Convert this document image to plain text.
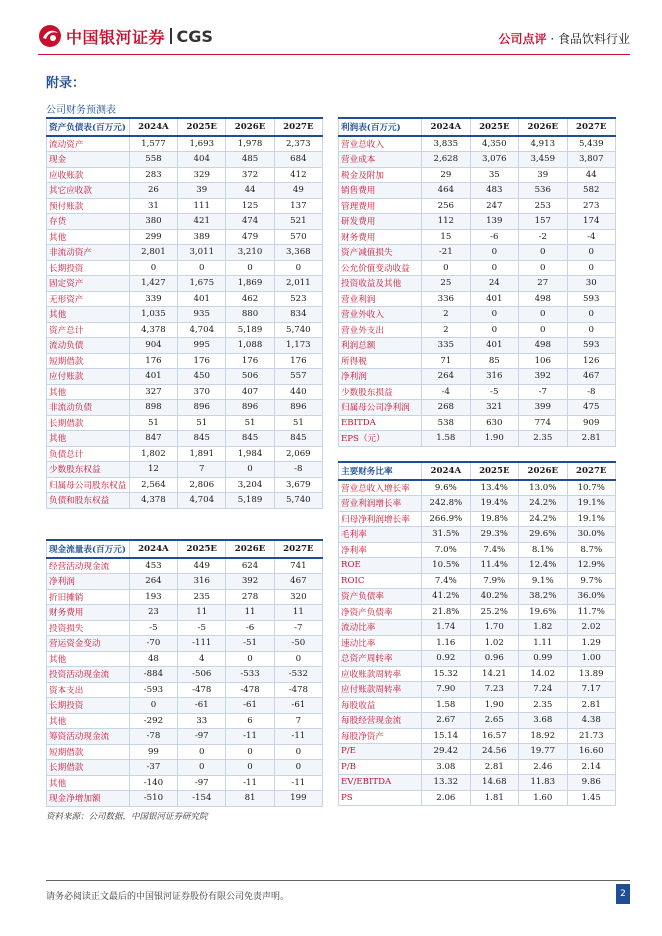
中国银河证券 CGS	公司点评 · 食品饮料行业
附录：
公司财务预测表
资产负债表(百万元)	2024A	2025E	2026E	2027E
流动资产	1,577	1,693	1,978	2,373
现金	558	404	485	684
应收账款	283	329	372	412
其它应收款	26	39	44	49
预付账款	31	111	125	137
存货	380	421	474	521
其他	299	389	479	570
非流动资产	2,801	3,011	3,210	3,368
长期投资	0	0	0	0
固定资产	1,427	1,675	1,869	2,011
无形资产	339	401	462	523
其他	1,035	935	880	834
资产总计	4,378	4,704	5,189	5,740
流动负债	904	995	1,088	1,173
短期借款	176	176	176	176
应付账款	401	450	506	557
其他	327	370	407	440
非流动负债	898	896	896	896
长期借款	51	51	51	51
其他	847	845	845	845
负债总计	1,802	1,891	1,984	2,069
少数股东权益	12	7	0	-8
归属母公司股东权益	2,564	2,806	3,204	3,679
负债和股东权益	4,378	4,704	5,189	5,740
现金流量表(百万元)	2024A	2025E	2026E	2027E
经营活动现金流	453	449	624	741
净利润	264	316	392	467
折旧摊销	193	235	278	320
财务费用	23	11	11	11
投资损失	-5	-5	-6	-7
营运资金变动	-70	-111	-51	-50
其他	48	4	0	0
投资活动现金流	-884	-506	-533	-532
资本支出	-593	-478	-478	-478
长期投资	0	-61	-61	-61
其他	-292	33	6	7
筹资活动现金流	-78	-97	-11	-11
短期借款	99	0	0	0
长期借款	-37	0	0	0
其他	-140	-97	-11	-11
现金净增加额	-510	-154	81	199
利润表(百万元)	2024A	2025E	2026E	2027E
营业总收入	3,835	4,350	4,913	5,439
营业成本	2,628	3,076	3,459	3,807
税金及附加	29	35	39	44
销售费用	464	483	536	582
管理费用	256	247	253	273
研发费用	112	139	157	174
财务费用	15	-6	-2	-4
资产减值损失	-21	0	0	0
公允价值变动收益	0	0	0	0
投资收益及其他	25	24	27	30
营业利润	336	401	498	593
营业外收入	2	0	0	0
营业外支出	2	0	0	0
利润总额	335	401	498	593
所得税	71	85	106	126
净利润	264	316	392	467
少数股东损益	-4	-5	-7	-8
归属母公司净利润	268	321	399	475
EBITDA	538	630	774	909
EPS（元）	1.58	1.90	2.35	2.81
主要财务比率	2024A	2025E	2026E	2027E
营业总收入增长率	9.6%	13.4%	13.0%	10.7%
营业利润增长率	242.8%	19.4%	24.2%	19.1%
归母净利润增长率	266.9%	19.8%	24.2%	19.1%
毛利率	31.5%	29.3%	29.6%	30.0%
净利率	7.0%	7.4%	8.1%	8.7%
ROE	10.5%	11.4%	12.4%	12.9%
ROIC	7.4%	7.9%	9.1%	9.7%
资产负债率	41.2%	40.2%	38.2%	36.0%
净资产负债率	21.8%	25.2%	19.6%	11.7%
流动比率	1.74	1.70	1.82	2.02
速动比率	1.16	1.02	1.11	1.29
总资产周转率	0.92	0.96	0.99	1.00
应收账款周转率	15.32	14.21	14.02	13.89
应付账款周转率	7.90	7.23	7.24	7.17
每股收益	1.58	1.90	2.35	2.81
每股经营现金流	2.67	2.65	3.68	4.38
每股净资产	15.14	16.57	18.92	21.73
P/E	29.42	24.56	19.77	16.60
P/B	3.08	2.81	2.46	2.14
EV/EBITDA	13.32	14.68	11.83	9.86
PS	2.06	1.81	1.60	1.45
资料来源：公司数据，中国银河证券研究院
请务必阅读正文最后的中国银河证券股份有限公司免责声明。	2
